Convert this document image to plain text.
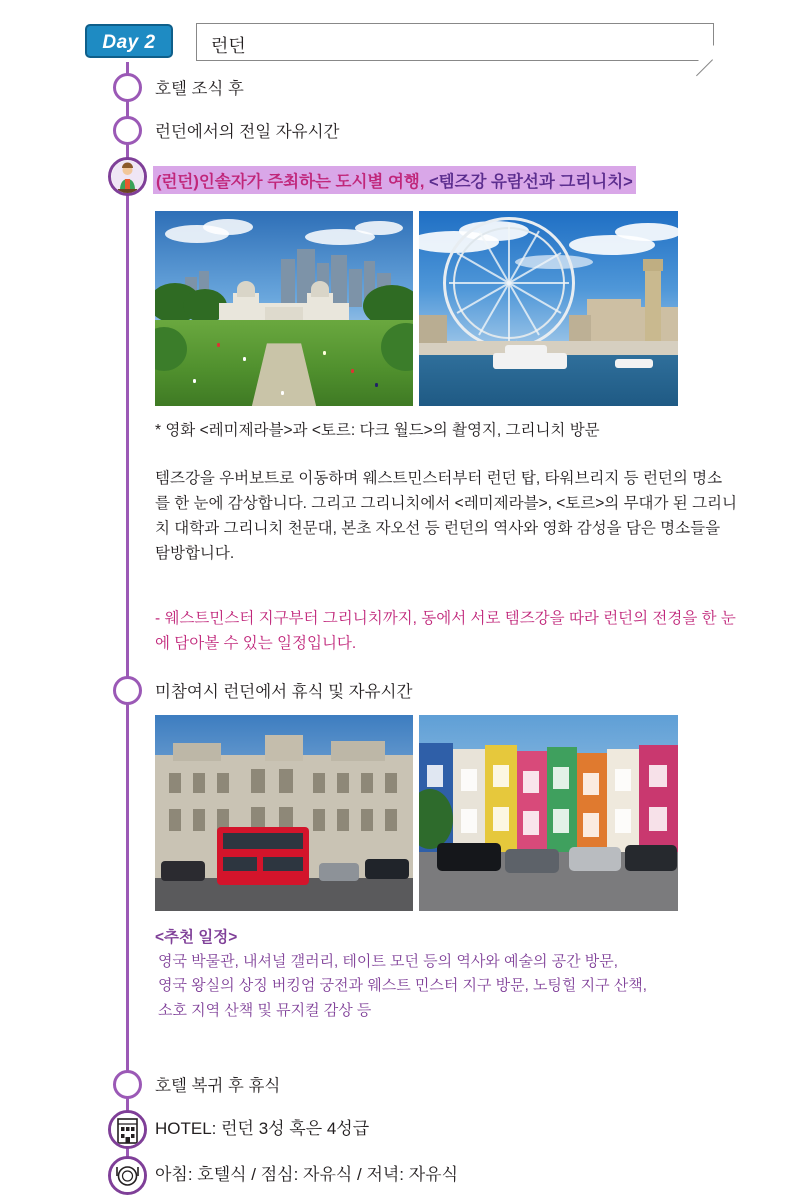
Day 2	런던
호텔 조식 후
런던에서의 전일 자유시간
(런던)인솔자가 주최하는 도시별 여행, <템즈강 유람선과 그리니치>
* 영화 <레미제라블>과 <토르: 다크 월드>의 촬영지, 그리니치 방문
템즈강을 우버보트로 이동하며 웨스트민스터부터 런던 탑, 타워브리지 등 런던의 명소를 한 눈에 감상합니다. 그리고 그리니치에서 <레미제라블>, <토르>의 무대가 된 그리니치 대학과 그리니치 천문대, 본초 자오선 등 런던의 역사와 영화 감성을 담은 명소들을 탐방합니다.
- 웨스트민스터 지구부터 그리니치까지, 동에서 서로 템즈강을 따라 런던의 전경을 한 눈에 담아볼 수 있는 일정입니다.
미참여시 런던에서 휴식 및 자유시간
<추천 일정>
영국 박물관, 내셔널 갤러리, 테이트 모던 등의 역사와 예술의 공간 방문,
영국 왕실의 상징 버킹엄 궁전과 웨스트 민스터 지구 방문, 노팅힐 지구 산책,
소호 지역 산책 및 뮤지컬 감상 등
호텔 복귀 후 휴식
HOTEL: 런던 3성 혹은 4성급
아침: 호텔식 / 점심: 자유식 / 저녁: 자유식
